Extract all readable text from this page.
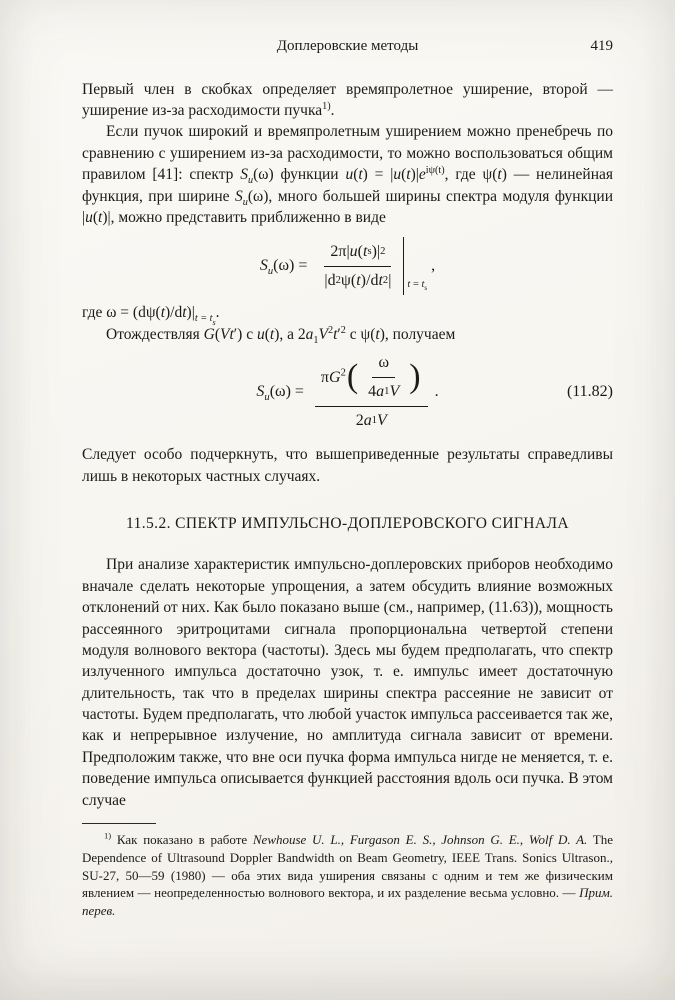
Доплеровские методы	419

Первый член в скобках определяет времяпролетное уширение, второй — уширение из-за расходимости пучка$^{1)}$.

Если пучок широкий и времяпролетным уширением можно пренебречь по сравнению с уширением из-за расходимости, то можно воспользоваться общим правилом [41]: спектр $S_u(\omega)$ функции $u(t) = |u(t)|e^{i\psi(t)}$, где ψ(t) — нелинейная функция, при ширине $S_u(\omega)$, много большей ширины спектра модуля функции |u(t)|, можно представить приближенно в виде

$S_u(\omega) = \frac{\text{2π| u ( t s )| 2}}{\text{|d 2 ψ( t )/d t 2 |}}$ $t = t_s$
,

где $\omega = (d\psi(t)/dt)|_{t = ts}$.

Отождествляя G(Vt′) с u(t), а $2a_1V^2t'^2$ с ψ(t), получаем

$S_u(\omega)$ =
$\pi G^2$ ( $\frac{\omega}{4 a 1 V}$ )
2 a 1 V
.	(11.82)

Следует особо подчеркнуть, что вышеприведенные результаты справедливы лишь в некоторых частных случаях.

11.5.2. СПЕКТР ИМПУЛЬСНО-ДОПЛЕРОВСКОГО СИГНАЛА

При анализе характеристик импульсно-доплеровских приборов необходимо вначале сделать некоторые упрощения, а затем обсудить влияние возможных отклонений от них. Как было показано выше (см., например, (11.63)), мощность рассеянного эритроцитами сигнала пропорциональна четвертой степени модуля волнового вектора (частоты). Здесь мы будем предполагать, что спектр излученного импульса достаточно узок, т. е. импульс имеет достаточную длительность, так что в пределах ширины спектра рассеяние не зависит от частоты. Будем предполагать, что любой участок импульса рассеивается так же, как и непрерывное излучение, но амплитуда сигнала зависит от времени. Предположим также, что вне оси пучка форма импульса нигде не меняется, т. е. поведение импульса описывается функцией расстояния вдоль оси пучка. В этом случае

$^{1)}$ Как показано в работе Newhouse U. L., Furgason E. S., Johnson G. E., Wolf D. A. The Dependence of Ultrasound Doppler Bandwidth on Beam Geometry, IEEE Trans. Sonics Ultrason., SU-27, 50—59 (1980) — оба этих вида уширения связаны с одним и тем же физическим явлением — неопределенностью волнового вектора, и их разделение весьма условно. — Прим. перев.
